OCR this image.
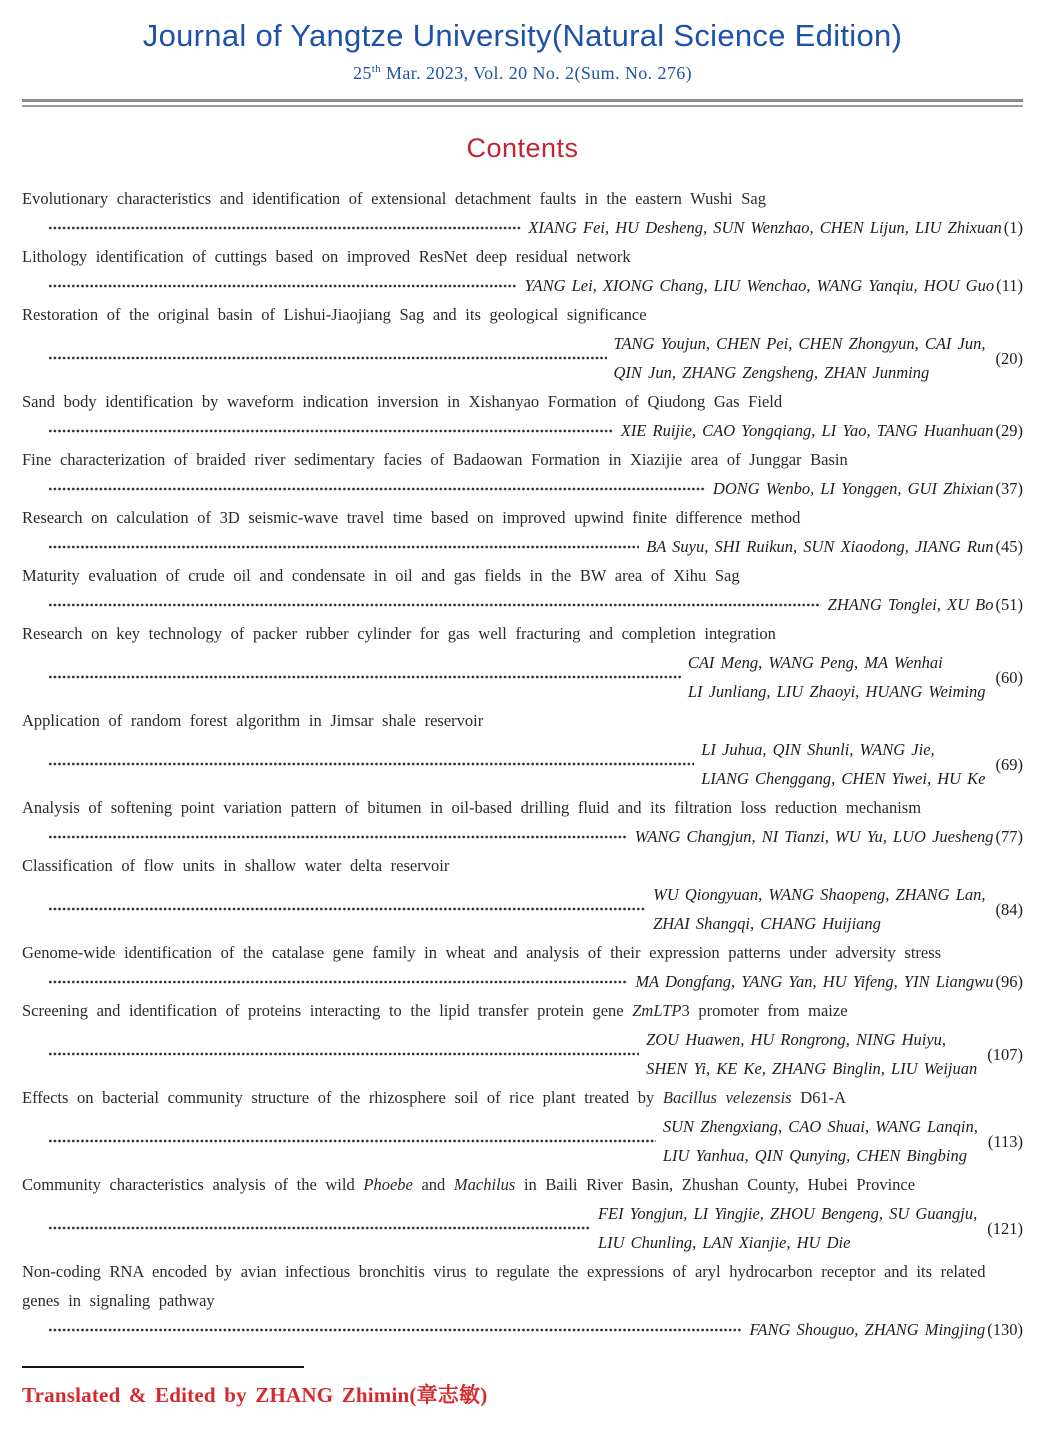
Journal of Yangtze University(Natural Science Edition)
25th Mar. 2023, Vol. 20 No. 2(Sum. No. 276)
Contents

Evolutionary characteristics and identification of extensional detachment faults in the eastern Wushi Sag

XIANG Fei, HU Desheng, SUN Wenzhao, CHEN Lijun, LIU Zhixuan (1)

Lithology identification of cuttings based on improved ResNet deep residual network

YANG Lei, XIONG Chang, LIU Wenchao, WANG Yanqiu, HOU Guo (11)

Restoration of the original basin of Lishui-Jiaojiang Sag and its geological significance

TANG Youjun, CHEN Pei, CHEN Zhongyun, CAI Jun,
QIN Jun, ZHANG Zengsheng, ZHAN Junming
(20)

Sand body identification by waveform indication inversion in Xishanyao Formation of Qiudong Gas Field

XIE Ruijie, CAO Yongqiang, LI Yao, TANG Huanhuan (29)

Fine characterization of braided river sedimentary facies of Badaowan Formation in Xiazijie area of Junggar Basin

DONG Wenbo, LI Yonggen, GUI Zhixian (37)

Research on calculation of 3D seismic-wave travel time based on improved upwind finite difference method

BA Suyu, SHI Ruikun, SUN Xiaodong, JIANG Run (45)

Maturity evaluation of crude oil and condensate in oil and gas fields in the BW area of Xihu Sag

ZHANG Tonglei, XU Bo (51)

Research on key technology of packer rubber cylinder for gas well fracturing and completion integration

CAI Meng, WANG Peng, MA Wenhai
LI Junliang, LIU Zhaoyi, HUANG Weiming
(60)

Application of random forest algorithm in Jimsar shale reservoir

LI Juhua, QIN Shunli, WANG Jie,
LIANG Chenggang, CHEN Yiwei, HU Ke
(69)

Analysis of softening point variation pattern of bitumen in oil-based drilling fluid and its filtration loss reduction mechanism

WANG Changjun, NI Tianzi, WU Yu, LUO Juesheng (77)

Classification of flow units in shallow water delta reservoir

WU Qiongyuan, WANG Shaopeng, ZHANG Lan,
ZHAI Shangqi, CHANG Huijiang
(84)

Genome-wide identification of the catalase gene family in wheat and analysis of their expression patterns under adversity stress

MA Dongfang, YANG Yan, HU Yifeng, YIN Liangwu (96)

Screening and identification of proteins interacting to the lipid transfer protein gene ZmLTP3 promoter from maize

ZOU Huawen, HU Rongrong, NING Huiyu,
SHEN Yi, KE Ke, ZHANG Binglin, LIU Weijuan
(107)

Effects on bacterial community structure of the rhizosphere soil of rice plant treated by Bacillus velezensis D61-A

SUN Zhengxiang, CAO Shuai, WANG Lanqin,
LIU Yanhua, QIN Qunying, CHEN Bingbing
(113)

Community characteristics analysis of the wild Phoebe and Machilus in Baili River Basin, Zhushan County, Hubei Province

FEI Yongjun, LI Yingjie, ZHOU Bengeng, SU Guangju,
LIU Chunling, LAN Xianjie, HU Die
(121)

Non-coding RNA encoded by avian infectious bronchitis virus to regulate the expressions of aryl hydrocarbon receptor and its related genes in signaling pathway

FANG Shouguo, ZHANG Mingjing (130)
Translated & Edited by ZHANG Zhimin(章志敏)
